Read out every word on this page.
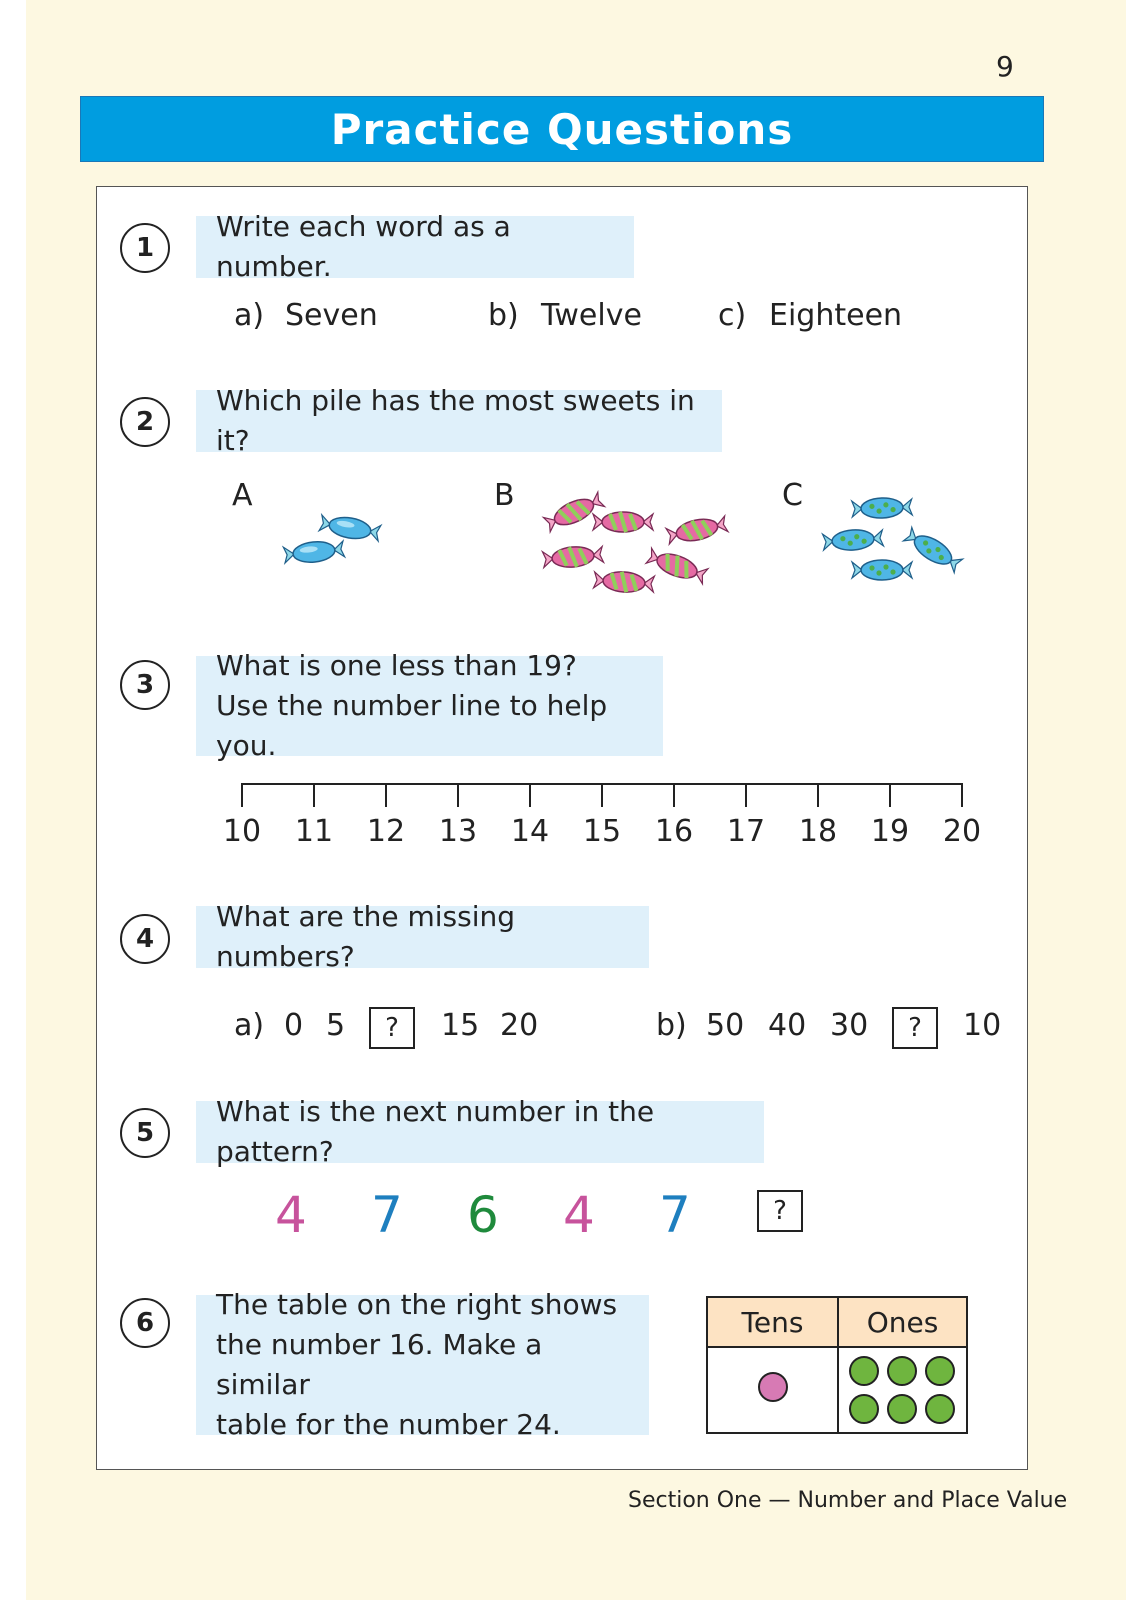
9
Practice Questions
1
Write each word as a number.
a) Seven	b) Twelve	c) Eighteen
2
Which pile has the most sweets in it?
A	B	C
3
What is one less than 19?
Use the number line to help you.
10	11	12	13	14	15	16	17	18	19	20
4
What are the missing numbers?
a) 0 5 ? 15 20	b) 50 40 30 ? 10
5
What is the next number in the pattern?
4 7 6 4 7	?
6
The table on the right shows
the number 16. Make a similar
table for the number 24.
Tens Ones
Section One — Number and Place Value
